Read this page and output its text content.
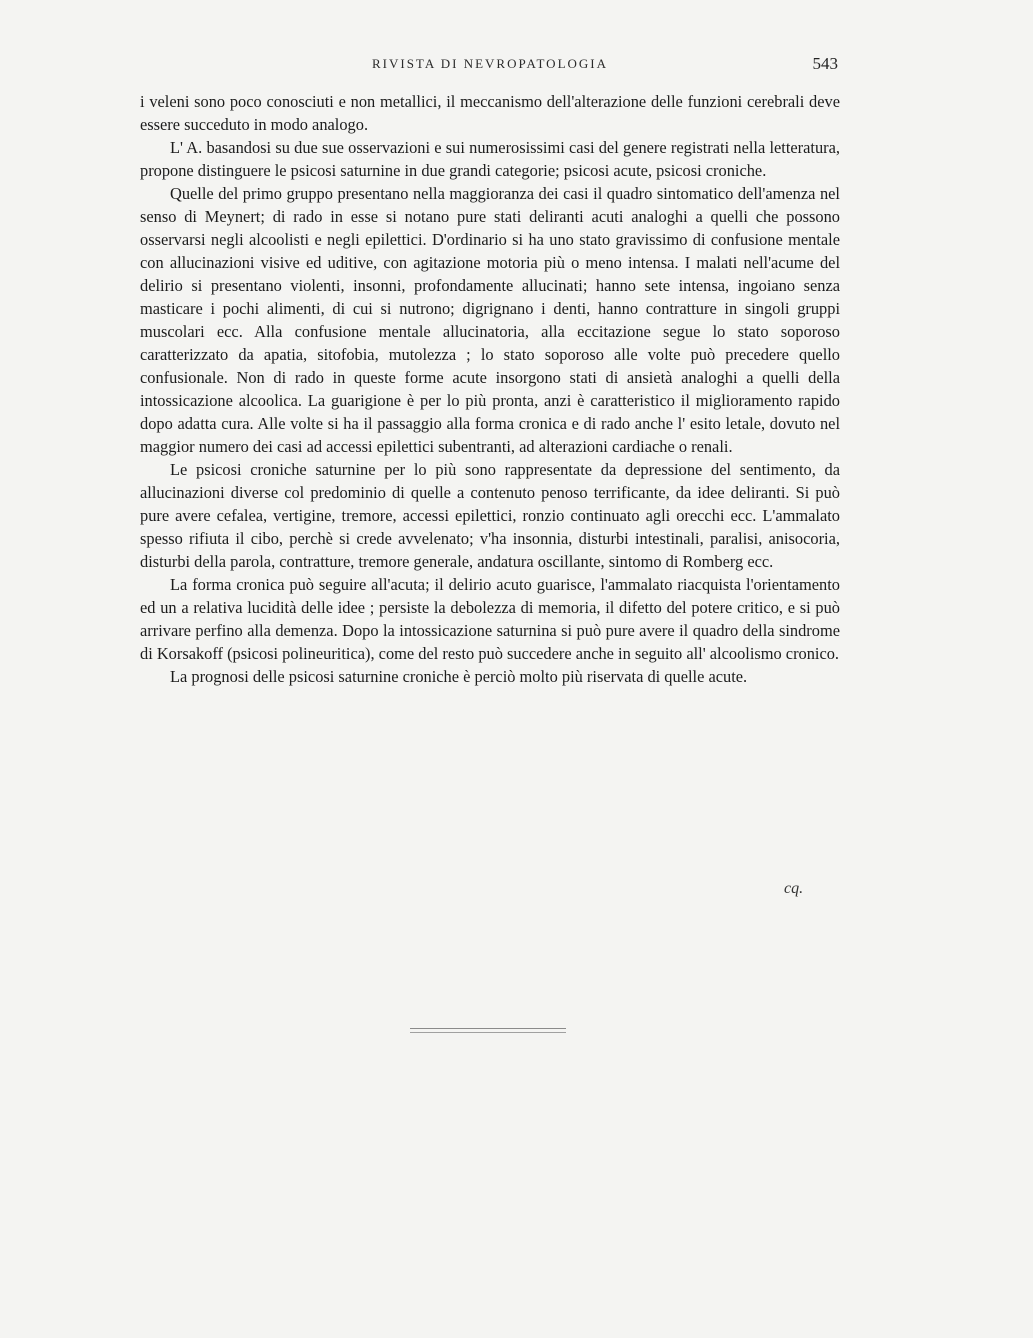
RIVISTA DI NEVROPATOLOGIA	543

i veleni sono poco conosciuti e non metallici, il meccanismo dell'alterazione delle funzioni cerebrali deve essere succeduto in modo analogo.

L' A. basandosi su due sue osservazioni e sui numerosissimi casi del genere registrati nella letteratura, propone distinguere le psicosi saturnine in due grandi categorie; psicosi acute, psicosi croniche.

Quelle del primo gruppo presentano nella maggioranza dei casi il quadro sintomatico dell'amenza nel senso di Meynert; di rado in esse si notano pure stati deliranti acuti analoghi a quelli che possono osservarsi negli alcoolisti e negli epilettici. D'ordinario si ha uno stato gravissimo di confusione mentale con allucinazioni visive ed uditive, con agitazione motoria più o meno intensa. I malati nell'acume del delirio si presentano violenti, insonni, profondamente allucinati; hanno sete intensa, ingoiano senza masticare i pochi alimenti, di cui si nutrono; digrignano i denti, hanno contratture in singoli gruppi muscolari ecc. Alla confusione mentale allucinatoria, alla eccitazione segue lo stato soporoso caratterizzato da apatia, sitofobia, mutolezza ; lo stato soporoso alle volte può precedere quello confusionale. Non di rado in queste forme acute insorgono stati di ansietà analoghi a quelli della intossicazione alcoolica. La guarigione è per lo più pronta, anzi è caratteristico il miglioramento rapido dopo adatta cura. Alle volte si ha il passaggio alla forma cronica e di rado anche l' esito letale, dovuto nel maggior numero dei casi ad accessi epilettici subentranti, ad alterazioni cardiache o renali.

Le psicosi croniche saturnine per lo più sono rappresentate da depressione del sentimento, da allucinazioni diverse col predominio di quelle a contenuto penoso terrificante, da idee deliranti. Si può pure avere cefalea, vertigine, tremore, accessi epilettici, ronzio continuato agli orecchi ecc. L'ammalato spesso rifiuta il cibo, perchè si crede avvelenato; v'ha insonnia, disturbi intestinali, paralisi, anisocoria, disturbi della parola, contratture, tremore generale, andatura oscillante, sintomo di Romberg ecc.

La forma cronica può seguire all'acuta; il delirio acuto guarisce, l'ammalato riacquista l'orientamento ed un a relativa lucidità delle idee ; persiste la debolezza di memoria, il difetto del potere critico, e si può arrivare perfino alla demenza. Dopo la intossicazione saturnina si può pure avere il quadro della sindrome di Korsakoff (psicosi polineuritica), come del resto può succedere anche in seguito all' alcoolismo cronico.

La prognosi delle psicosi saturnine croniche è perciò molto più riservata di quelle acute.

cq.
